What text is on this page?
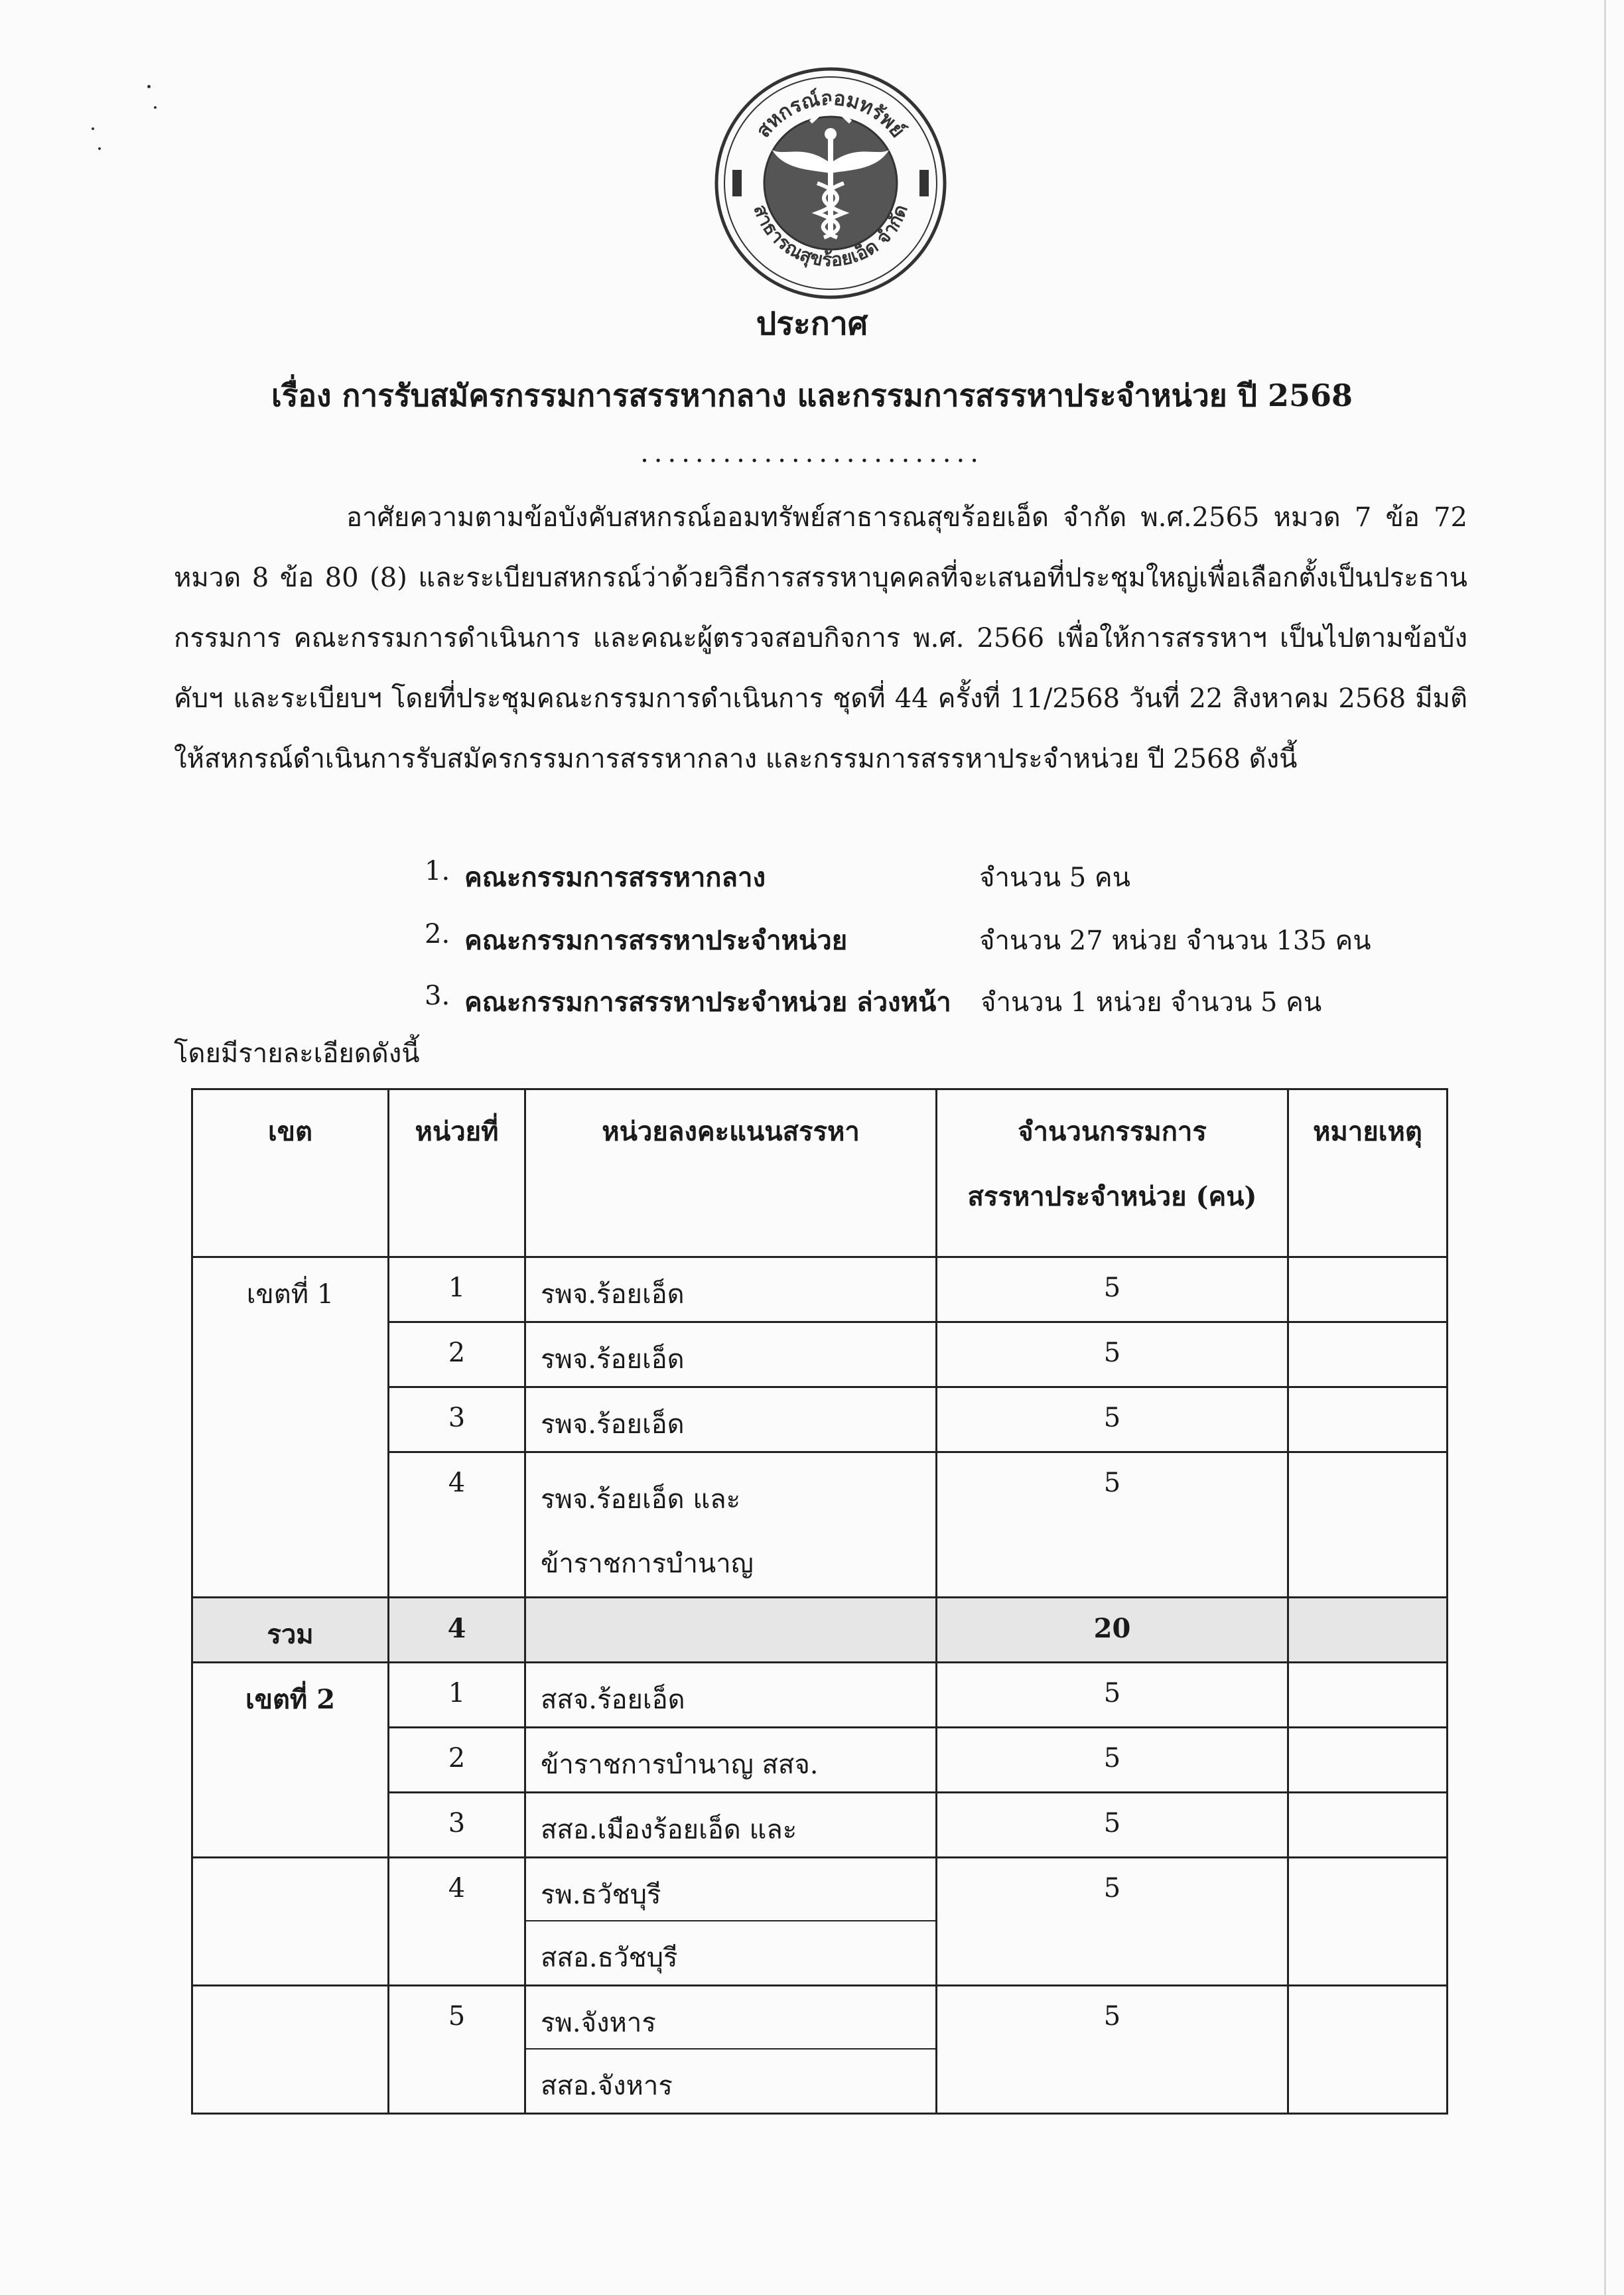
สหกรณ์ออมทรัพย์
สาธารณสุขร้อยเอ็ด จำกัด
ประกาศ
เรื่อง การรับสมัครกรรมการสรรหากลาง และกรรมการสรรหาประจำหน่วย ปี 2568
.........................
อาศัยความตามข้อบังคับสหกรณ์ออมทรัพย์สาธารณสุขร้อยเอ็ด จำกัด พ.ศ.2565 หมวด 7 ข้อ 72 หมวด 8 ข้อ 80 (8) และระเบียบสหกรณ์ว่าด้วยวิธีการสรรหาบุคคลที่จะเสนอที่ประชุมใหญ่เพื่อเลือกตั้งเป็นประธานกรรมการ คณะกรรมการดำเนินการ และคณะผู้ตรวจสอบกิจการ พ.ศ. 2566 เพื่อให้การสรรหาฯ เป็นไปตามข้อบังคับฯ และระเบียบฯ โดยที่ประชุมคณะกรรมการดำเนินการ ชุดที่ 44 ครั้งที่ 11/2568 วันที่ 22 สิงหาคม 2568 มีมติให้สหกรณ์ดำเนินการรับสมัครกรรมการสรรหากลาง และกรรมการสรรหาประจำหน่วย ปี 2568 ดังนี้
1. คณะกรรมการสรรหากลาง	จำนวน 5 คน
2. คณะกรรมการสรรหาประจำหน่วย	จำนวน 27 หน่วย จำนวน 135 คน
3. คณะกรรมการสรรหาประจำหน่วย ล่วงหน้า จำนวน 1 หน่วย จำนวน 5 คน
โดยมีรายละเอียดดังนี้
เขต	หน่วยที่	หน่วยลงคะแนนสรรหา	จำนวนกรรมการ
สรรหาประจำหน่วย (คน)	หมายเหตุ

เขตที่ 1	1	รพจ.ร้อยเอ็ด	5	

	2	รพจ.ร้อยเอ็ด	5	

	3	รพจ.ร้อยเอ็ด	5	

	4	รพจ.ร้อยเอ็ด และ
ข้าราชการบำนาญ	5	

รวม	4		20	

เขตที่ 2	1	สสจ.ร้อยเอ็ด	5	

	2	ข้าราชการบำนาญ สสจ.	5	

	3	สสอ.เมืองร้อยเอ็ด และ	5	

	4	รพ.ธวัชบุรี
สสอ.ธวัชบุรี	5	

	5	รพ.จังหาร
สสอ.จังหาร	5	
